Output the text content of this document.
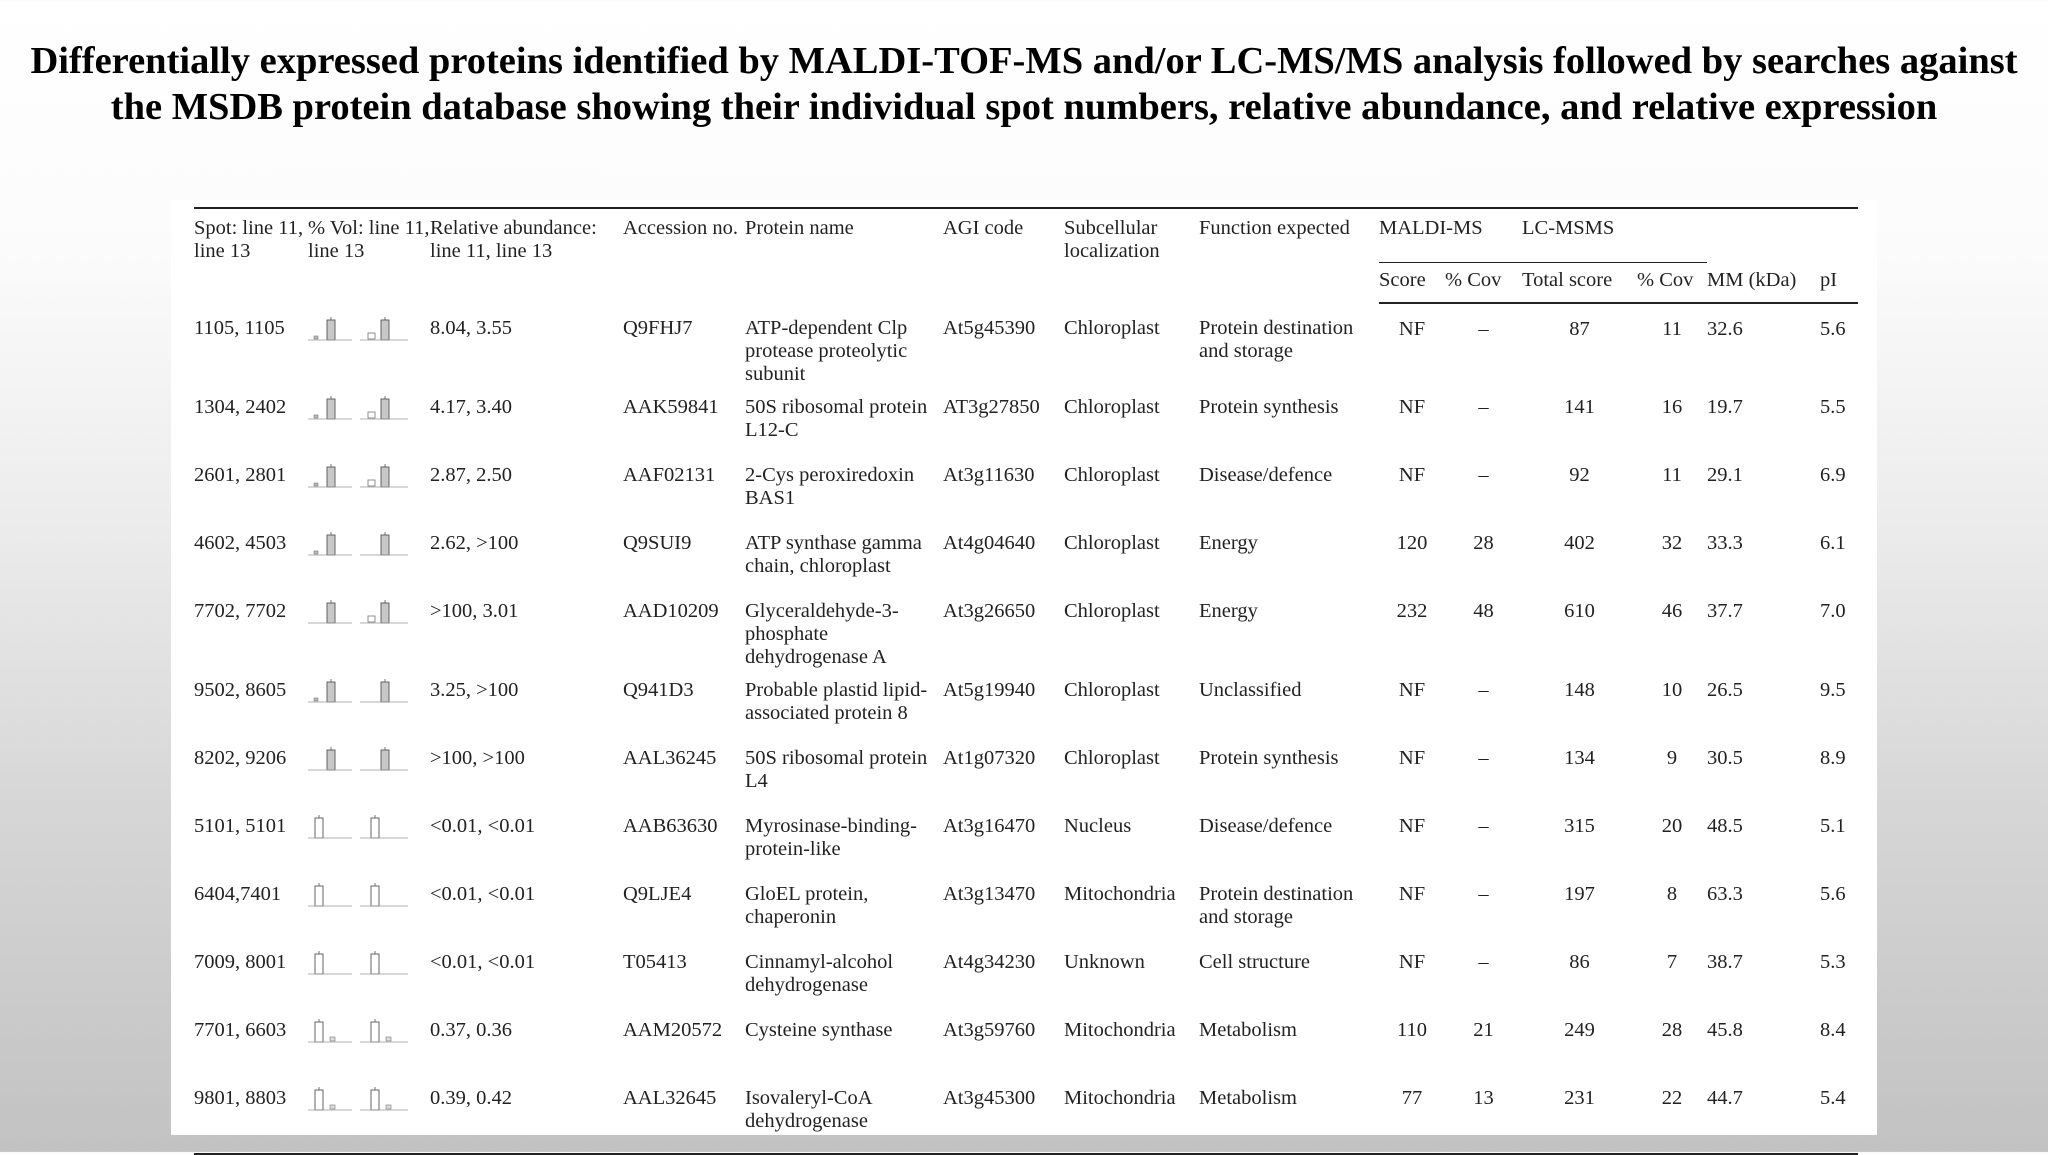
Differentially expressed proteins identified by MALDI-TOF-MS and/or LC-MS/MS analysis followed by searches against the MSDB protein database showing their individual spot numbers, relative abundance, and relative expression
Spot: line 11, line 13	% Vol: line 11, line 13	Relative abundance: line 11, line 13	Accession no.	Protein name	AGI code	Subcellular localization	Function expected	MALDI-MS		LC-MSMS			
								Score	% Cov	Total score	% Cov	MM (kDa)	pI
1105, 1105		8.04, 3.55	Q9FHJ7	ATP-dependent Clp protease proteolytic subunit	At5g45390	Chloroplast	Protein destination and storage	NF	–	87	11	32.6	5.6
1304, 2402		4.17, 3.40	AAK59841	50S ribosomal protein L12-C	AT3g27850	Chloroplast	Protein synthesis	NF	–	141	16	19.7	5.5
2601, 2801		2.87, 2.50	AAF02131	2-Cys peroxiredoxin BAS1	At3g11630	Chloroplast	Disease/defence	NF	–	92	11	29.1	6.9
4602, 4503		2.62, >100	Q9SUI9	ATP synthase gamma chain, chloroplast	At4g04640	Chloroplast	Energy	120	28	402	32	33.3	6.1
7702, 7702		>100, 3.01	AAD10209	Glyceraldehyde-3-phosphate dehydrogenase A	At3g26650	Chloroplast	Energy	232	48	610	46	37.7	7.0
9502, 8605		3.25, >100	Q941D3	Probable plastid lipid-associated protein 8	At5g19940	Chloroplast	Unclassified	NF	–	148	10	26.5	9.5
8202, 9206		>100, >100	AAL36245	50S ribosomal protein L4	At1g07320	Chloroplast	Protein synthesis	NF	–	134	9	30.5	8.9
5101, 5101		<0.01, <0.01	AAB63630	Myrosinase-binding-protein-like	At3g16470	Nucleus	Disease/defence	NF	–	315	20	48.5	5.1
6404,7401		<0.01, <0.01	Q9LJE4	GloEL protein, chaperonin	At3g13470	Mitochondria	Protein destination and storage	NF	–	197	8	63.3	5.6
7009, 8001		<0.01, <0.01	T05413	Cinnamyl-alcohol dehydrogenase	At4g34230	Unknown	Cell structure	NF	–	86	7	38.7	5.3
7701, 6603		0.37, 0.36	AAM20572	Cysteine synthase	At3g59760	Mitochondria	Metabolism	110	21	249	28	45.8	8.4
9801, 8803		0.39, 0.42	AAL32645	Isovaleryl-CoA dehydrogenase	At3g45300	Mitochondria	Metabolism	77	13	231	22	44.7	5.4
